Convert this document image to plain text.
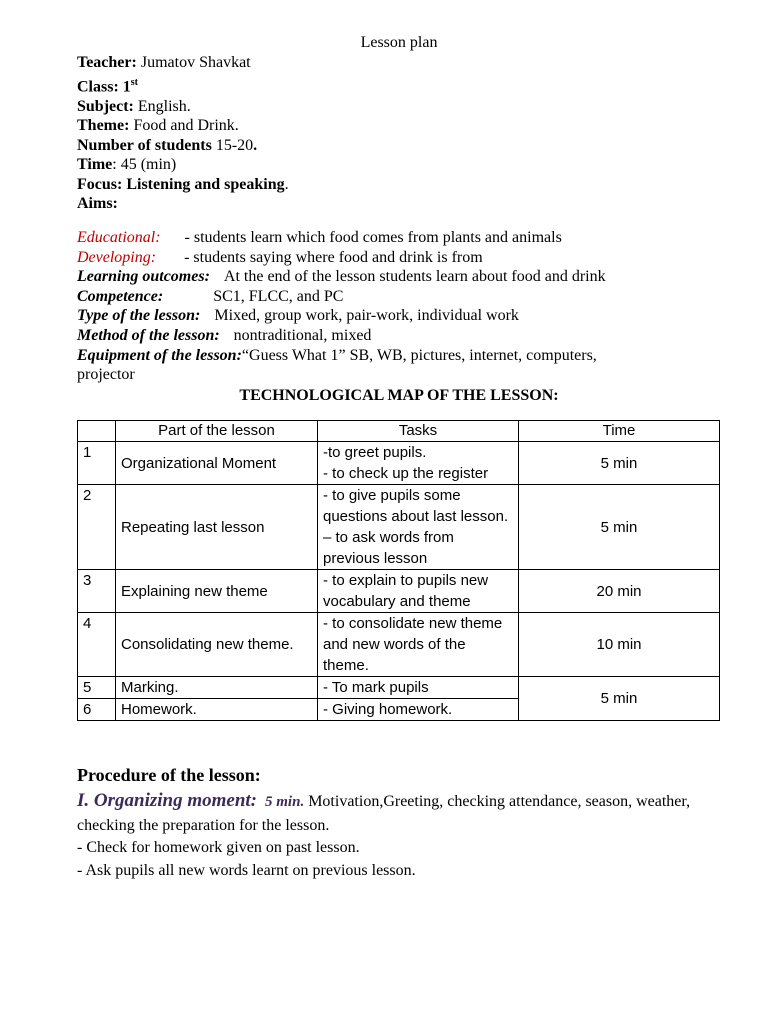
Lesson plan
Teacher: Jumatov Shavkat
Class: 1st
Subject: English.
Theme: Food and Drink.
Number of students 15-20.
Time: 45 (min)
Focus: Listening and speaking.
Aims:
Educational: - students learn which food comes from plants and animals
Developing: - students saying where food and drink is from
Learning outcomes: At the end of the lesson students learn about food and drink
Competence:	SC1, FLCC, and PC
Type of the lesson: Mixed, group work, pair-work, individual work
Method of the lesson: nontraditional, mixed
Equipment of the lesson:“Guess What 1” SB, WB, pictures, internet, computers,
projector
TECHNOLOGICAL MAP OF THE LESSON:
	Part of the lesson	Tasks	Time
1	Organizational Moment	-to greet pupils.
- to check up the register	5 min
2	Repeating last lesson	- to give pupils some questions about last lesson. – to ask words from previous lesson	5 min
3	Explaining new theme	- to explain to pupils new vocabulary and theme	20 min
4	Consolidating new theme.	- to consolidate new theme and new words of the theme.	10 min
5	Marking.	- To mark pupils	5 min
6	Homework.	- Giving homework.	
Procedure of the lesson:
I. Organizing moment: 5 min. Motivation,Greeting, checking attendance, season, weather, checking the preparation for the lesson.
- Check for homework given on past lesson.
- Ask pupils all new words learnt on previous lesson.
